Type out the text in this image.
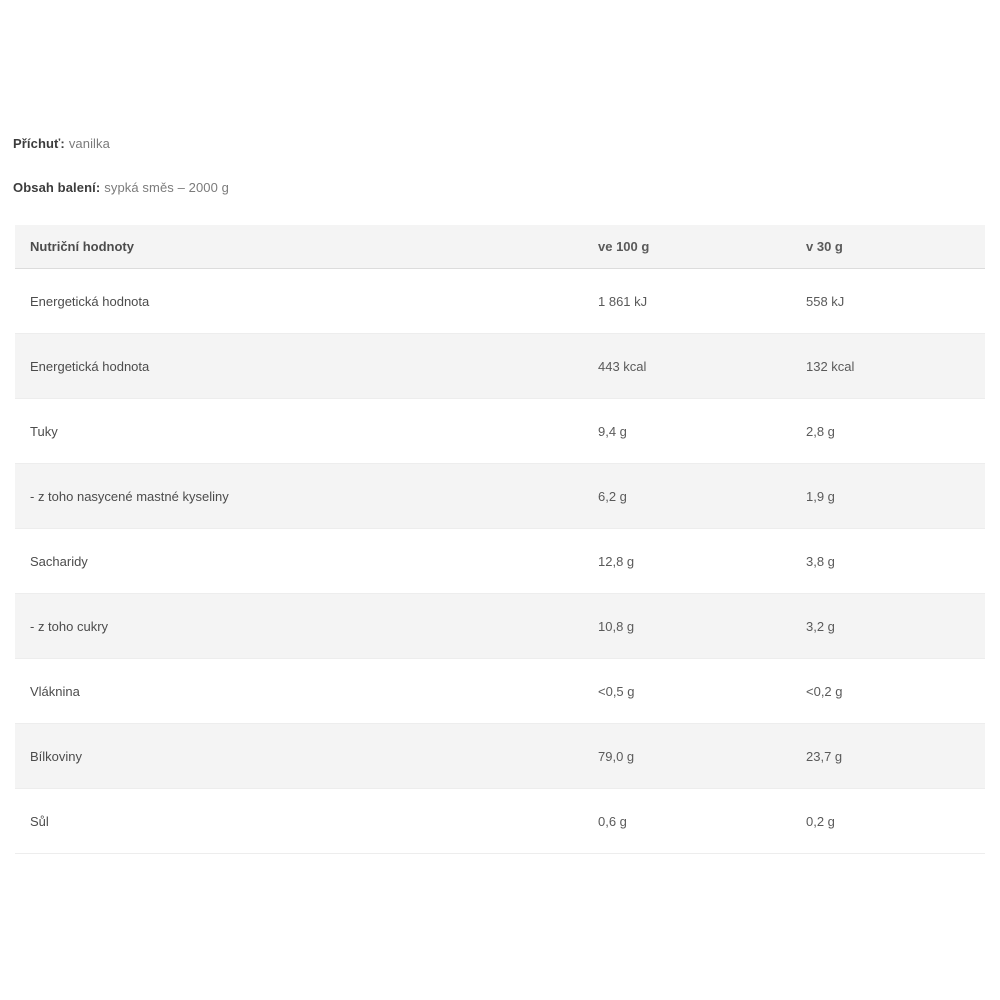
Příchuť: vanilka
Obsah balení: sypká směs – 2000 g
Nutriční hodnoty	ve 100 g	v 30 g
Energetická hodnota	1 861 kJ	558 kJ
Energetická hodnota	443 kcal	132 kcal
Tuky	9,4 g	2,8 g
- z toho nasycené mastné kyseliny	6,2 g	1,9 g
Sacharidy	12,8 g	3,8 g
- z toho cukry	10,8 g	3,2 g
Vláknina	<0,5 g	<0,2 g
Bílkoviny	79,0 g	23,7 g
Sůl	0,6 g	0,2 g
